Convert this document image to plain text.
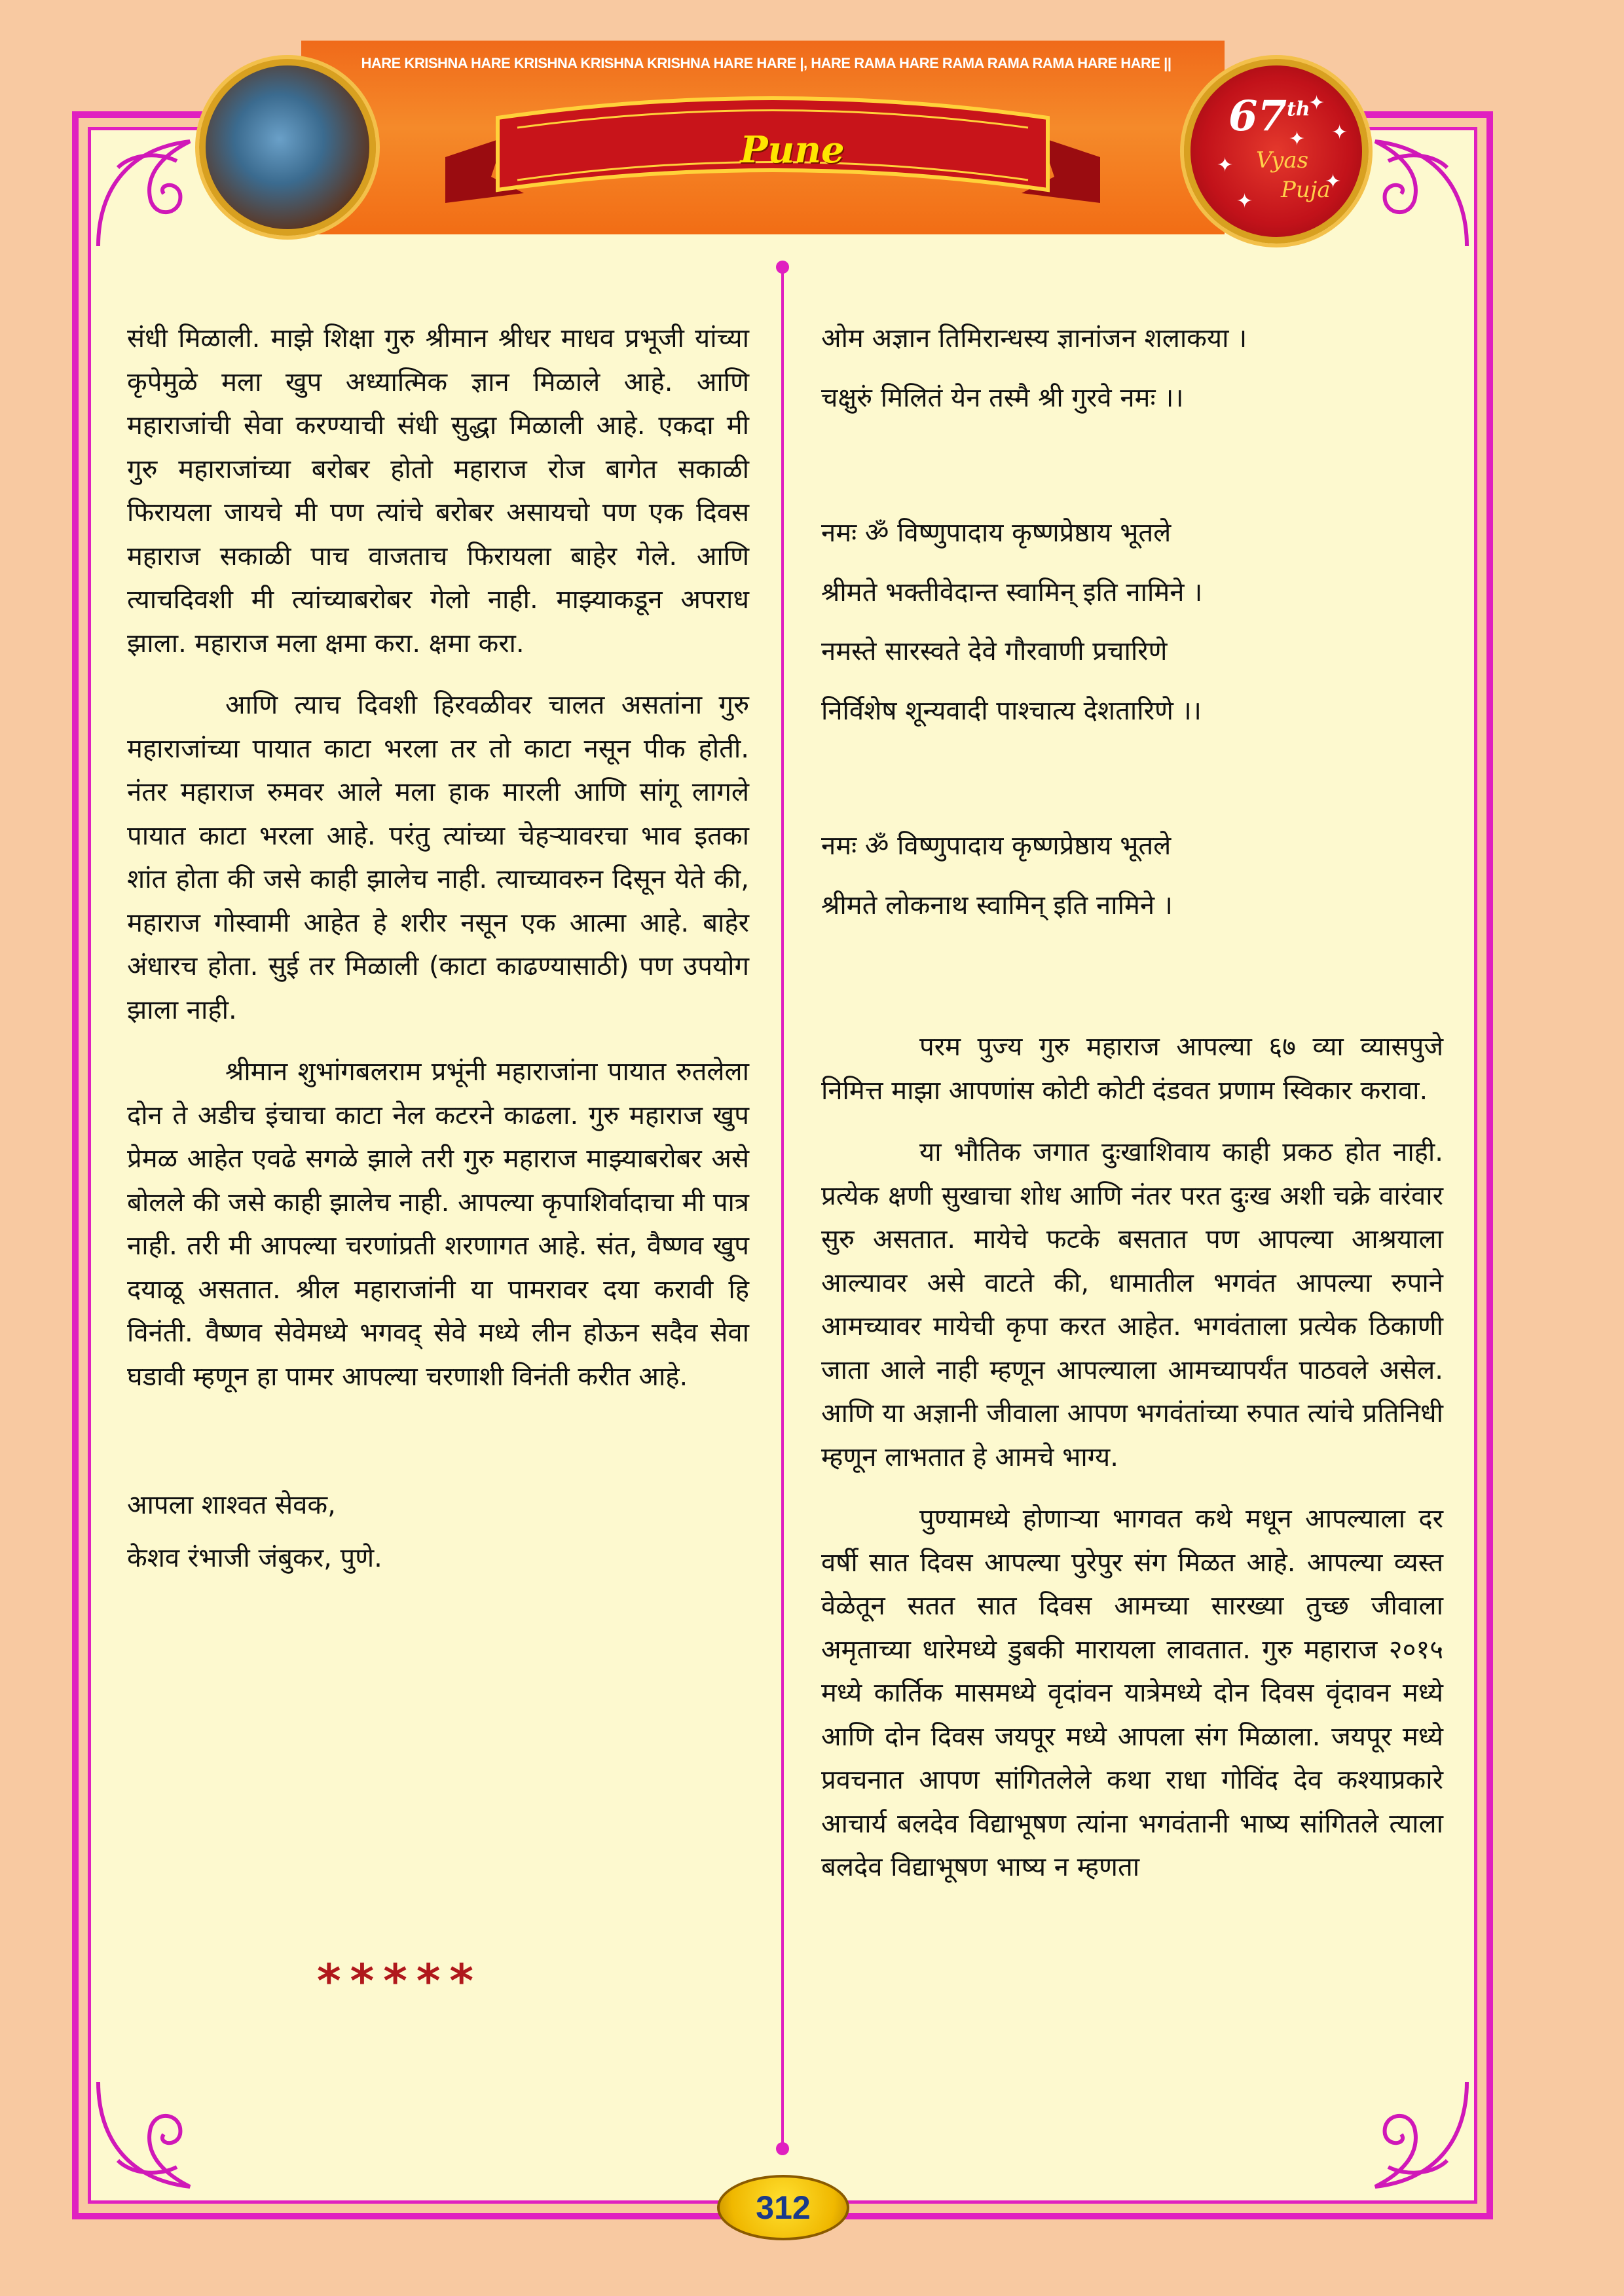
HARE KRISHNA HARE KRISHNA KRISHNA KRISHNA HARE HARE |, HARE RAMA HARE RAMA RAMA RAMA HARE HARE ||
Pune
67th
Vyas
Puja
✦
✦
✦
✦
✦
✦

संधी मिळाली. माझे शिक्षा गुरु श्रीमान श्रीधर माधव प्रभूजी यांच्या कृपेमुळे मला खुप अध्यात्मिक ज्ञान मिळाले आहे. आणि महाराजांची सेवा करण्याची संधी सुद्धा मिळाली आहे. एकदा मी गुरु महाराजांच्या बरोबर होतो महाराज रोज बागेत सकाळी फिरायला जायचे मी पण त्यांचे बरोबर असायचो पण एक दिवस महाराज सकाळी पाच वाजताच फिरायला बाहेर गेले. आणि त्याचदिवशी मी त्यांच्याबरोबर गेलो नाही. माझ्याकडून अपराध झाला. महाराज मला क्षमा करा. क्षमा करा.

आणि त्याच दिवशी हिरवळीवर चालत असतांना गुरु महाराजांच्या पायात काटा भरला तर तो काटा नसून पीक होती. नंतर महाराज रुमवर आले मला हाक मारली आणि सांगू लागले पायात काटा भरला आहे. परंतु त्यांच्या चेहऱ्यावरचा भाव इतका शांत होता की जसे काही झालेच नाही. त्याच्यावरुन दिसून येते की, महाराज गोस्वामी आहेत हे शरीर नसून एक आत्मा आहे. बाहेर अंधारच होता. सुई तर मिळाली (काटा काढण्यासाठी) पण उपयोग झाला नाही.

श्रीमान शुभांगबलराम प्रभूंनी महाराजांना पायात रुतलेला दोन ते अडीच इंचाचा काटा नेल कटरने काढला. गुरु महाराज खुप प्रेमळ आहेत एवढे सगळे झाले तरी गुरु महाराज माझ्याबरोबर असे बोलले की जसे काही झालेच नाही. आपल्या कृपाशिर्वादाचा मी पात्र नाही. तरी मी आपल्या चरणांप्रती शरणागत आहे. संत, वैष्णव खुप दयाळू असतात. श्रील महाराजांनी या पामरावर दया करावी हि विनंती. वैष्णव सेवेमध्ये भगवद् सेवे मध्ये लीन होऊन सदैव सेवा घडावी म्हणून हा पामर आपल्या चरणाशी विनंती करीत आहे.

आपला शाश्वत सेवक,

केशव रंभाजी जंबुकर, पुणे.

*****

ओम अज्ञान तिमिरान्धस्य ज्ञानांजन शलाकया ।

चक्षुरुं मिलितं येन तस्मै श्री गुरवे नमः ।।

नमः ॐ विष्णुपादाय कृष्णप्रेष्ठाय भूतले

श्रीमते भक्तीवेदान्त स्वामिन् इति नामिने ।

नमस्ते सारस्वते देवे गौरवाणी प्रचारिणे

निर्विशेष शून्यवादी पाश्चात्य देशतारिणे ।।

नमः ॐ विष्णुपादाय कृष्णप्रेष्ठाय भूतले

श्रीमते लोकनाथ स्वामिन् इति नामिने ।

परम पुज्य गुरु महाराज आपल्या ६७ व्या व्यासपुजे निमित्त माझा आपणांस कोटी कोटी दंडवत प्रणाम स्विकार करावा.

या भौतिक जगात दुःखाशिवाय काही प्रकठ होत नाही. प्रत्येक क्षणी सुखाचा शोध आणि नंतर परत दुःख अशी चक्रे वारंवार सुरु असतात. मायेचे फटके बसतात पण आपल्या आश्रयाला आल्यावर असे वाटते की, धामातील भगवंत आपल्या रुपाने आमच्यावर मायेची कृपा करत आहेत. भगवंताला प्रत्येक ठिकाणी जाता आले नाही म्हणून आपल्याला आमच्यापर्यंत पाठवले असेल. आणि या अज्ञानी जीवाला आपण भगवंतांच्या रुपात त्यांचे प्रतिनिधी म्हणून लाभतात हे आमचे भाग्य.

पुण्यामध्ये होणाऱ्या भागवत कथे मधून आपल्याला दर वर्षी सात दिवस आपल्या पुरेपुर संग मिळत आहे. आपल्या व्यस्त वेळेतून सतत सात दिवस आमच्या सारख्या तुच्छ जीवाला अमृताच्या धारेमध्ये डुबकी मारायला लावतात. गुरु महाराज २०१५ मध्ये कार्तिक मासमध्ये वृदांवन यात्रेमध्ये दोन दिवस वृंदावन मध्ये आणि दोन दिवस जयपूर मध्ये आपला संग मिळाला. जयपूर मध्ये प्रवचनात आपण सांगितलेले कथा राधा गोविंद देव कश्याप्रकारे आचार्य बलदेव विद्याभूषण त्यांना भगवंतानी भाष्य सांगितले त्याला बलदेव विद्याभूषण भाष्य न म्हणता

312
